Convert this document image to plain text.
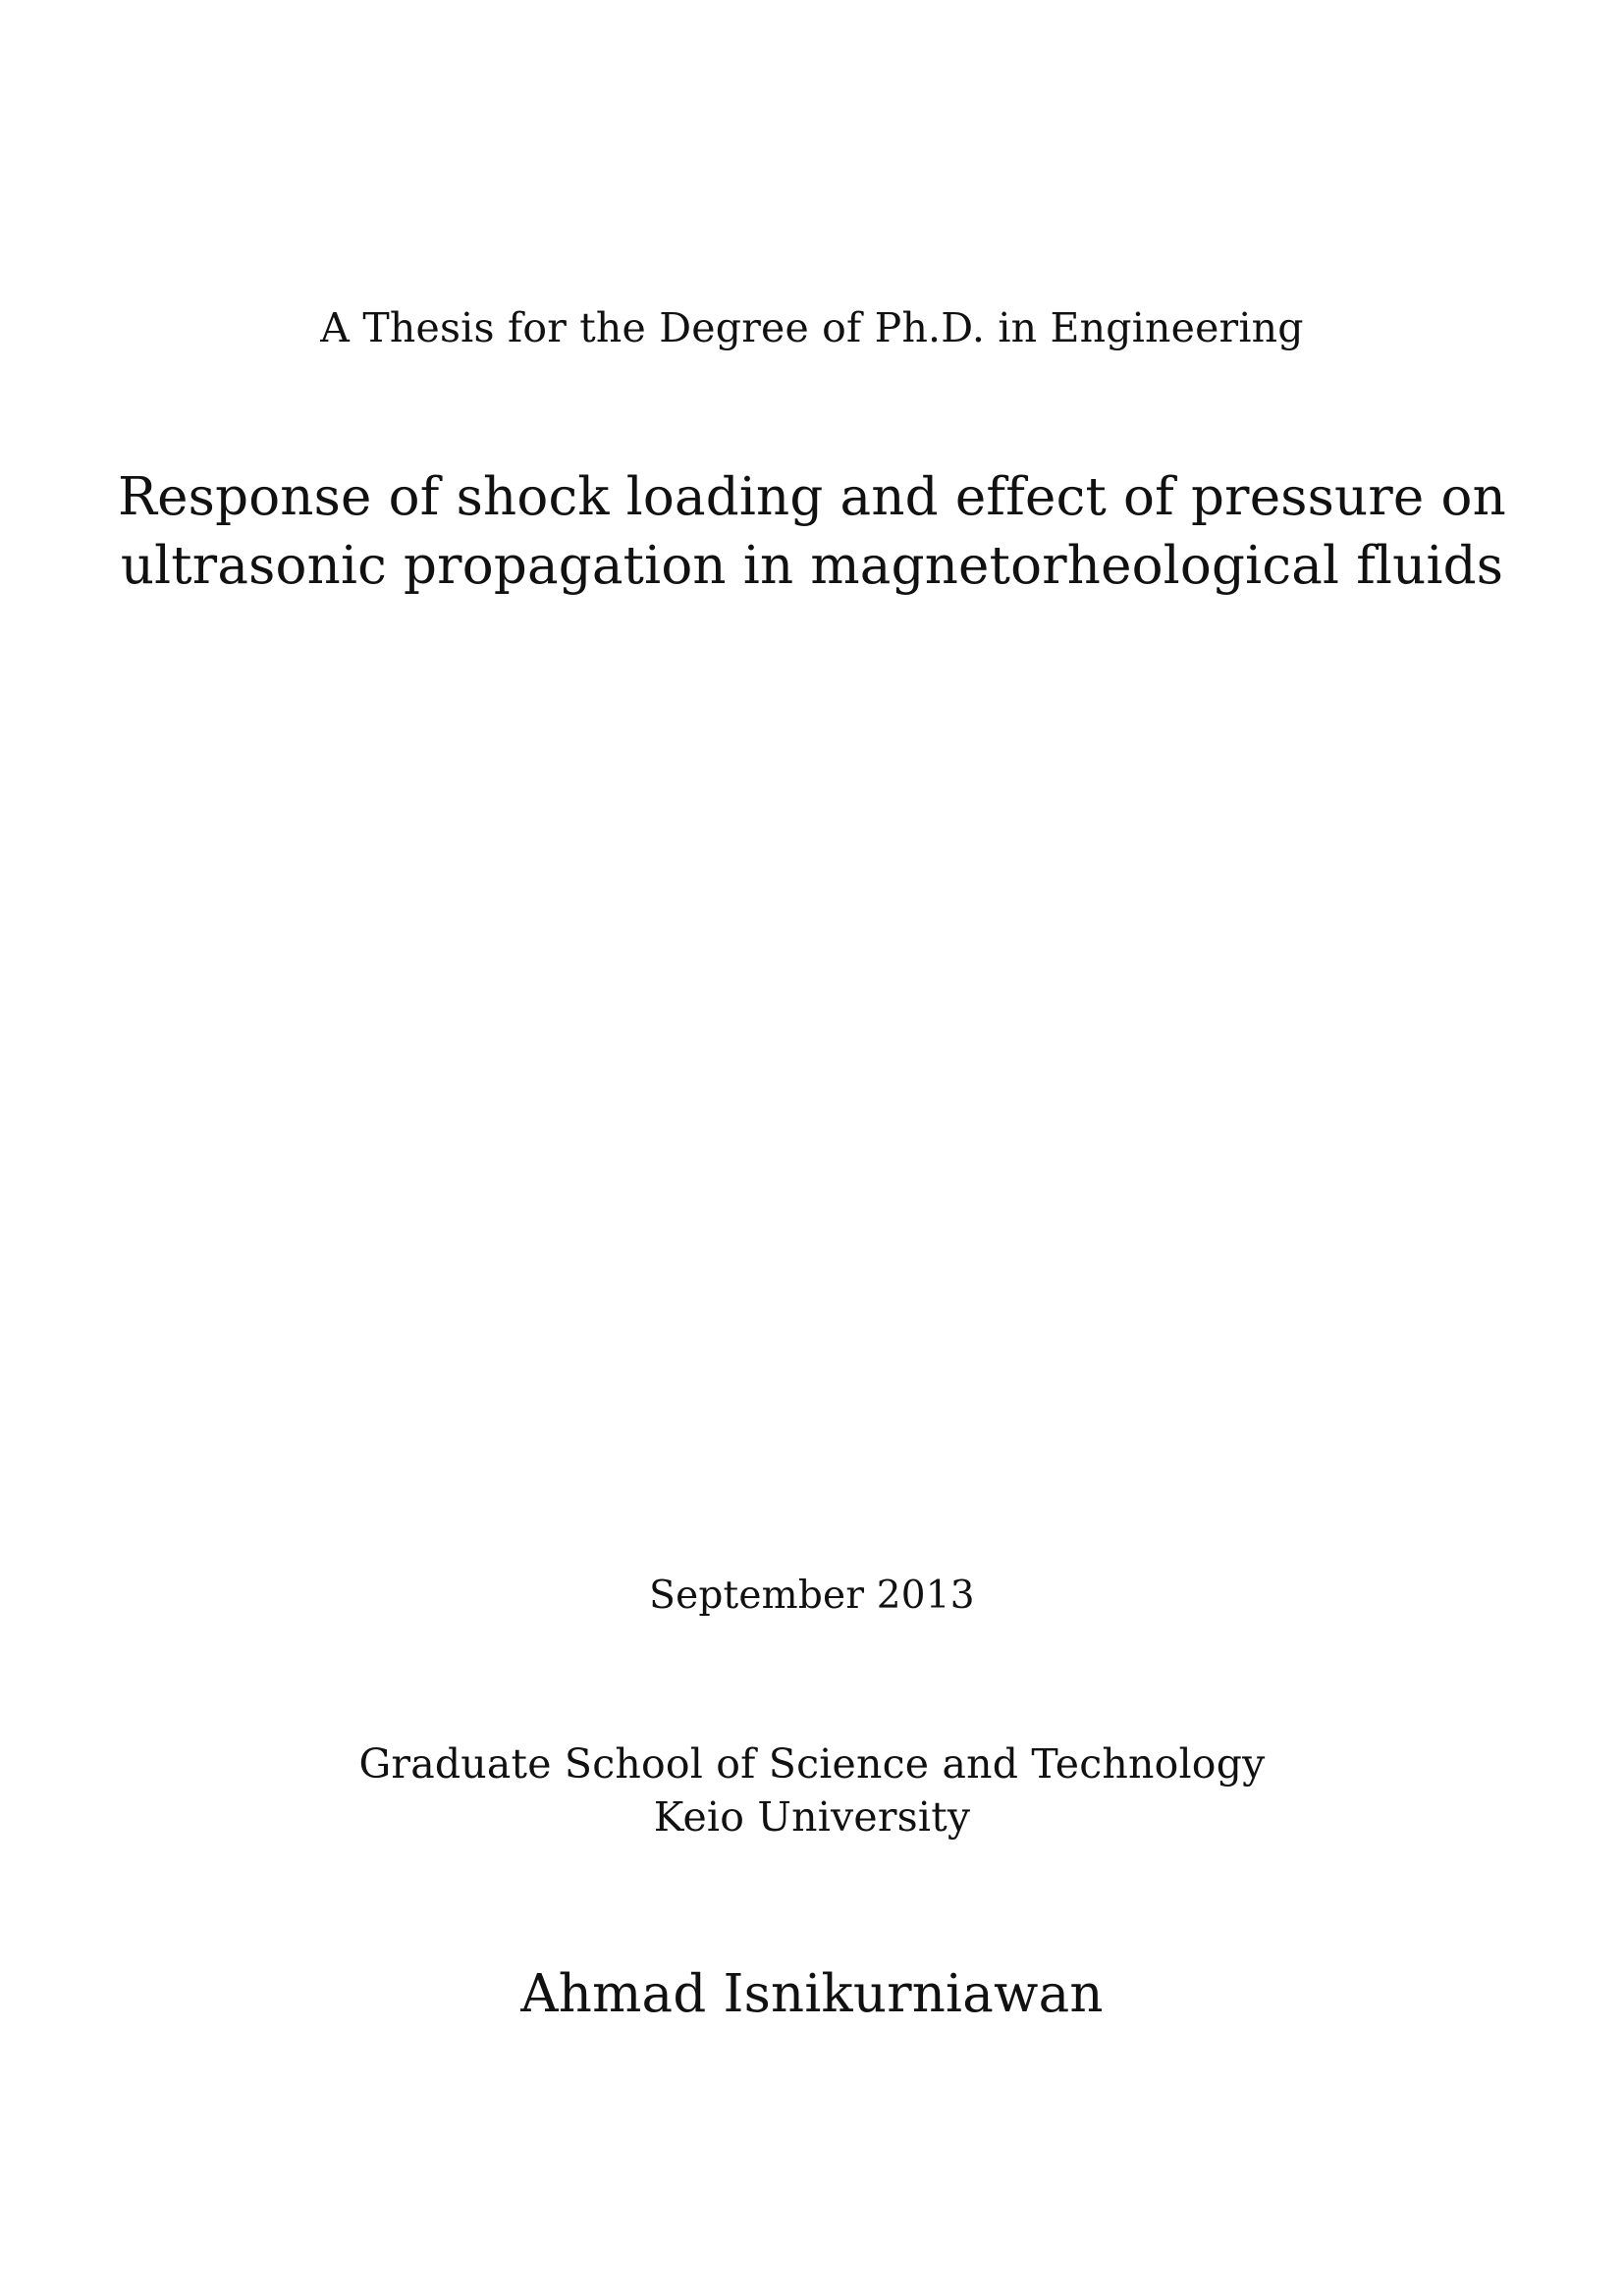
A Thesis for the Degree of Ph.D. in Engineering
Response of shock loading and effect of pressure on
ultrasonic propagation in magnetorheological fluids
September 2013
Graduate School of Science and Technology
Keio University
Ahmad Isnikurniawan
